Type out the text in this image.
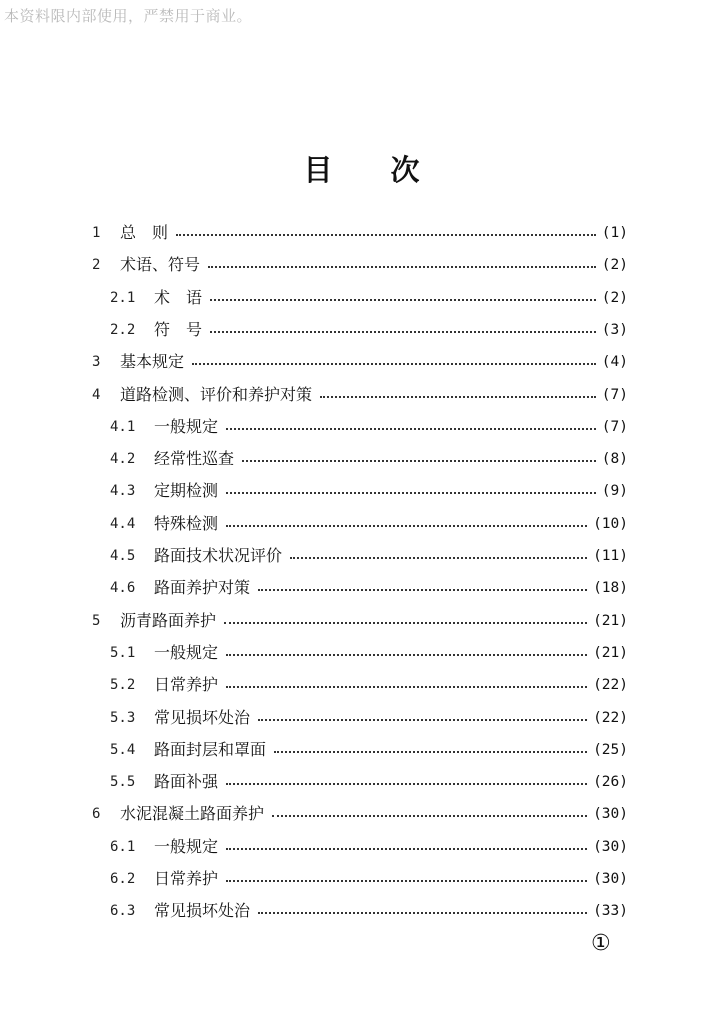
本资料限内部使用，严禁用于商业。
目 次
1	总　则	(1)
2	术语、符号	(2)
2.1	术　语	(2)
2.2	符　号	(3)
3	基本规定	(4)
4	道路检测、评价和养护对策	(7)
4.1	一般规定	(7)
4.2	经常性巡查	(8)
4.3	定期检测	(9)
4.4	特殊检测	(10)
4.5	路面技术状况评价	(11)
4.6	路面养护对策	(18)
5	沥青路面养护	(21)
5.1	一般规定	(21)
5.2	日常养护	(22)
5.3	常见损坏处治	(22)
5.4	路面封层和罩面	(25)
5.5	路面补强	(26)
6	水泥混凝土路面养护	(30)
6.1	一般规定	(30)
6.2	日常养护	(30)
6.3	常见损坏处治	(33)
①
